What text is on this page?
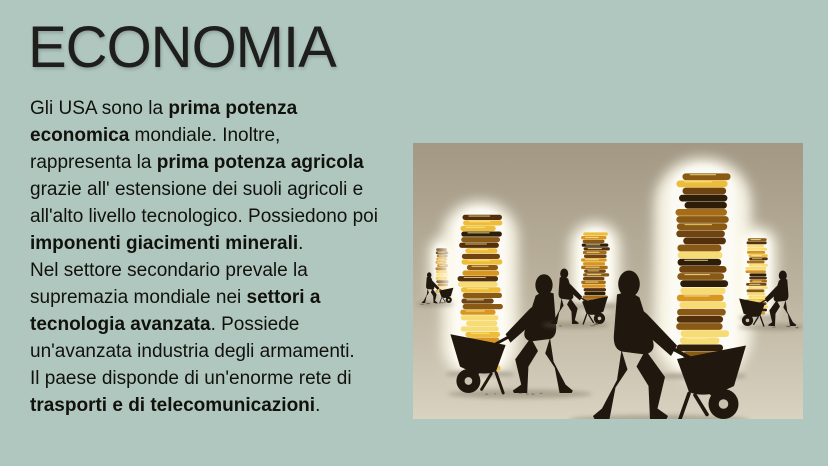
ECONOMIA
Gli USA sono la prima potenza
economica mondiale. Inoltre,
rappresenta la prima potenza agricola
grazie all' estensione dei suoli agricoli e
all'alto livello tecnologico. Possiedono poi
imponenti giacimenti minerali.
Nel settore secondario prevale la
supremazia mondiale nei settori a
tecnologia avanzata. Possiede
un'avanzata industria degli armamenti.
Il paese disponde di un'enorme rete di
trasporti e di telecomunicazioni.
